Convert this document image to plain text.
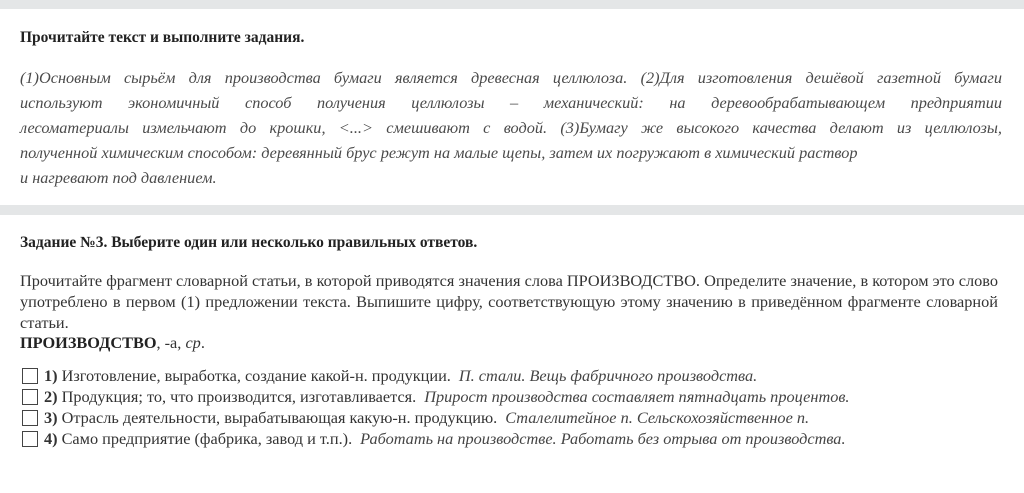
Прочитайте текст и выполните задания.
(1)Основным сырьём для производства бумаги является древесная целлюлоза. (2)Для изготовления дешёвой газетной бумаги
используют экономичный способ получения целлюлозы – механический: на деревообрабатывающем предприятии
лесоматериалы измельчают до крошки, <...> смешивают с водой. (3)Бумагу же высокого качества делают из целлюлозы,
полученной химическим способом: деревянный брус режут на малые щепы, затем их погружают в химический раствор
и нагревают под давлением.
Задание №3. Выберите один или несколько правильных ответов.
Прочитайте фрагмент словарной статьи, в которой приводятся значения слова ПРОИЗВОДСТВО. Определите значение, в котором это слово употреблено в первом (1) предложении текста. Выпишите цифру, соответствующую этому значению в приведённом фрагменте словарной статьи.
ПРОИЗВОДСТВО, -а, ср.
1) Изготовление, выработка, создание какой-н. продукции. П. стали. Вещь фабричного производства.
2) Продукция; то, что производится, изготавливается. Прирост производства составляет пятнадцать процентов.
3) Отрасль деятельности, вырабатывающая какую-н. продукцию. Сталелитейное п. Сельскохозяйственное п.
4) Само предприятие (фабрика, завод и т.п.). Работать на производстве. Работать без отрыва от производства.
